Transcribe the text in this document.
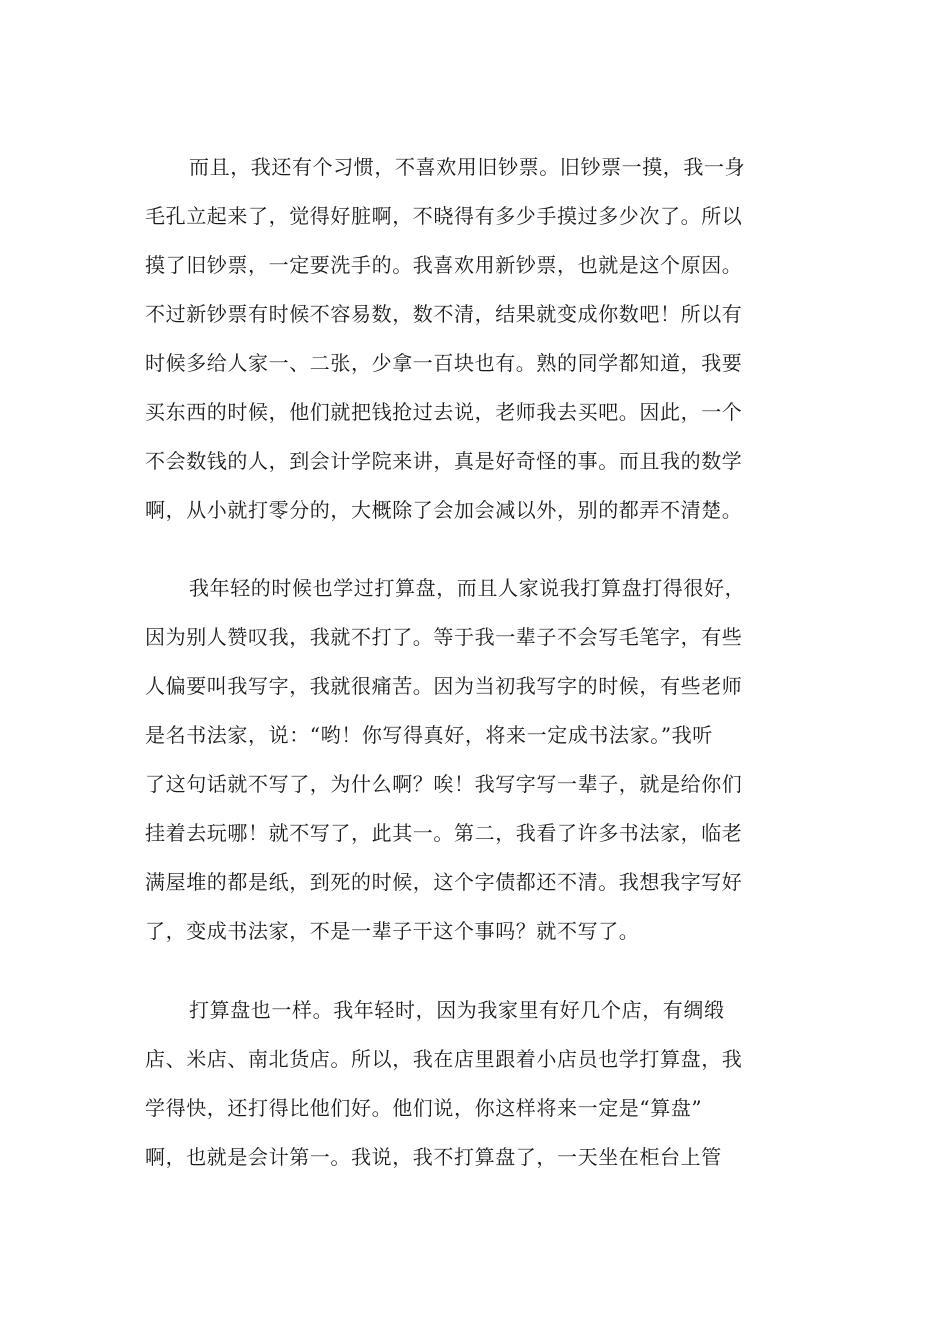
而且，我还有个习惯，不喜欢用旧钞票。旧钞票一摸，我一身
毛孔立起来了，觉得好脏啊，不晓得有多少手摸过多少次了。所以
摸了旧钞票，一定要洗手的。我喜欢用新钞票，也就是这个原因。
不过新钞票有时候不容易数，数不清，结果就变成你数吧！所以有
时候多给人家一、二张，少拿一百块也有。熟的同学都知道，我要
买东西的时候，他们就把钱抢过去说，老师我去买吧。因此，一个
不会数钱的人，到会计学院来讲，真是好奇怪的事。而且我的数学
啊，从小就打零分的，大概除了会加会减以外，别的都弄不清楚。
我年轻的时候也学过打算盘，而且人家说我打算盘打得很好，
因为别人赞叹我，我就不打了。等于我一辈子不会写毛笔字，有些
人偏要叫我写字，我就很痛苦。因为当初我写字的时候，有些老师
是名书法家，说：“哟！你写得真好，将来一定成书法家。”我听
了这句话就不写了，为什么啊？唉！我写字写一辈子，就是给你们
挂着去玩哪！就不写了，此其一。第二，我看了许多书法家，临老
满屋堆的都是纸，到死的时候，这个字债都还不清。我想我字写好
了，变成书法家，不是一辈子干这个事吗？就不写了。
打算盘也一样。我年轻时，因为我家里有好几个店，有绸缎
店、米店、南北货店。所以，我在店里跟着小店员也学打算盘，我
学得快，还打得比他们好。他们说，你这样将来一定是“算盘”
啊，也就是会计第一。我说，我不打算盘了，一天坐在柜台上管
